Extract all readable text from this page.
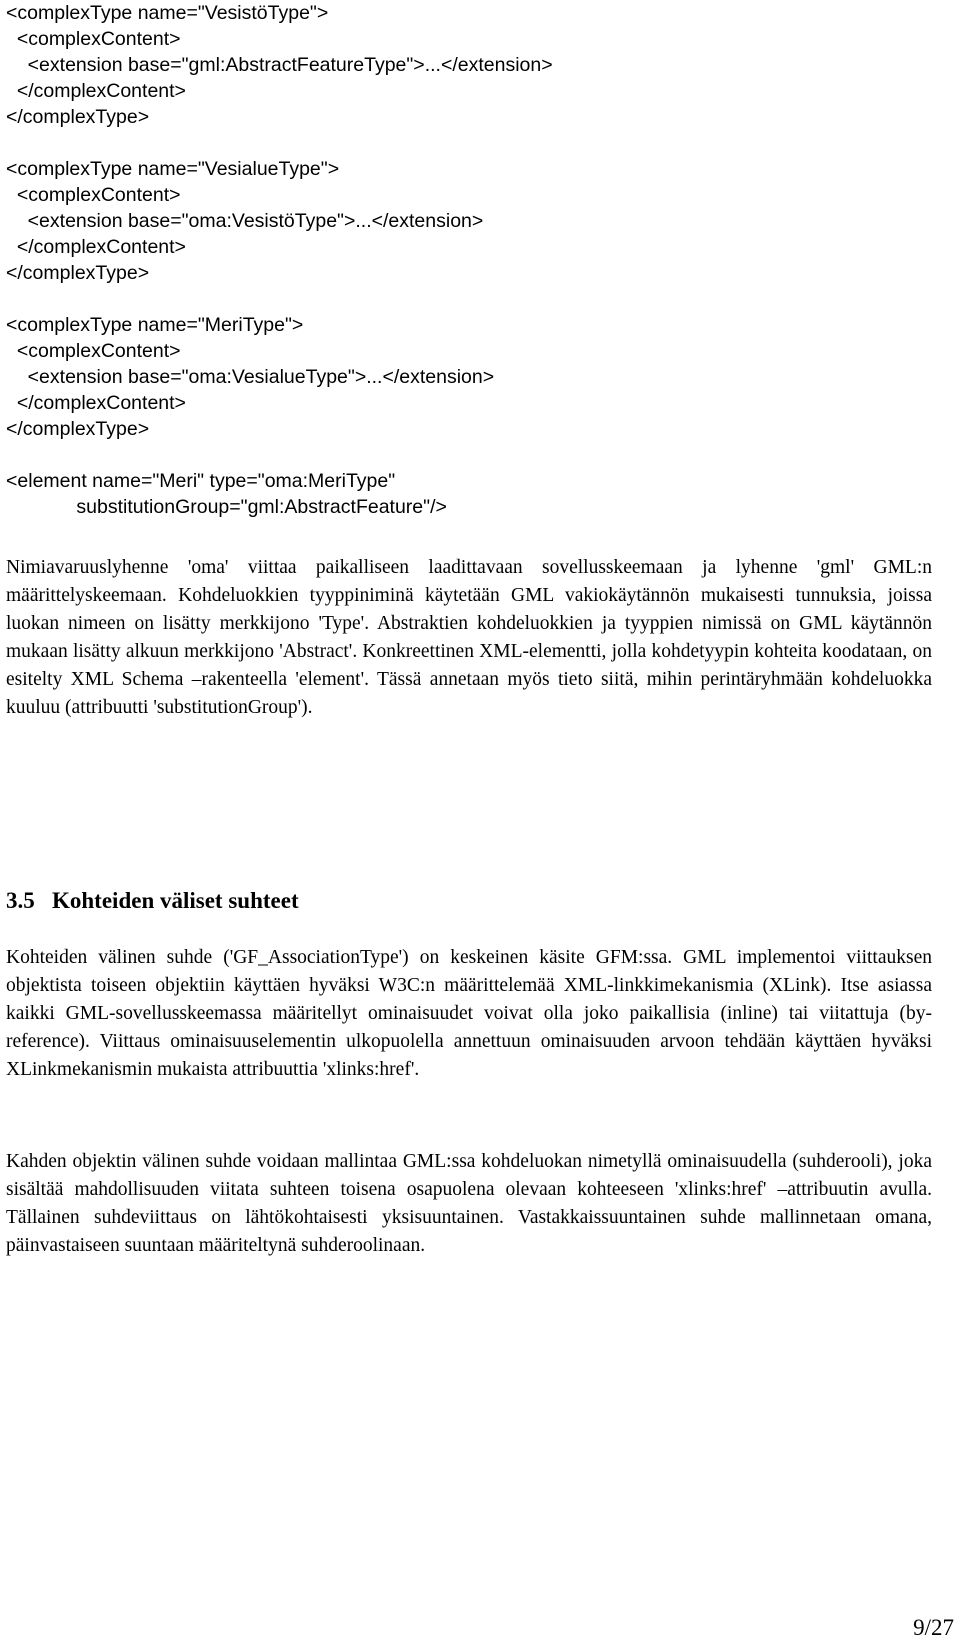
<complexType name="VesistöType">
<complexContent>
<extension base="gml:AbstractFeatureType">...</extension>
</complexContent>
</complexType>
<complexType name="VesialueType">
<complexContent>
<extension base="oma:VesistöType">...</extension>
</complexContent>
</complexType>
<complexType name="MeriType">
<complexContent>
<extension base="oma:VesialueType">...</extension>
</complexContent>
</complexType>
<element name="Meri" type="oma:MeriType"
substitutionGroup="gml:AbstractFeature"/>

Nimiavaruuslyhenne 'oma' viittaa paikalliseen laadittavaan sovellusskeemaan ja lyhenne 'gml' GML:n määrittelyskeemaan. Kohdeluokkien tyyppiniminä käytetään GML vakiokäytännön mukaisesti tunnuksia, joissa luokan nimeen on lisätty merkkijono 'Type'. Abstraktien kohdeluokkien ja tyyppien nimissä on GML käytännön mukaan lisätty alkuun merkkijono 'Abstract'. Konkreettinen XML-elementti, jolla kohdetyypin kohteita koodataan, on esitelty XML Schema –rakenteella 'element'. Tässä annetaan myös tieto siitä, mihin perintäryhmään kohdeluokka kuuluu (attribuutti 'substitutionGroup').

3.5 Kohteiden väliset suhteet

Kohteiden välinen suhde ('GF_AssociationType') on keskeinen käsite GFM:ssa. GML implementoi viittauksen objektista toiseen objektiin käyttäen hyväksi W3C:n määrittelemää XML-linkkimekanismia (XLink). Itse asiassa kaikki GML-sovellusskeemassa määritellyt ominaisuudet voivat olla joko paikallisia (inline) tai viitattuja (by-reference). Viittaus ominaisuuselementin ulkopuolella annettuun ominaisuuden arvoon tehdään käyttäen hyväksi XLinkmekanismin mukaista attribuuttia 'xlinks:href'.

Kahden objektin välinen suhde voidaan mallintaa GML:ssa kohdeluokan nimetyllä ominaisuudella (suhderooli), joka sisältää mahdollisuuden viitata suhteen toisena osapuolena olevaan kohteeseen 'xlinks:href' –attribuutin avulla. Tällainen suhdeviittaus on lähtökohtaisesti yksisuuntainen. Vastakkaissuuntainen suhde mallinnetaan omana, päinvastaiseen suuntaan määriteltynä suhderoolinaan.

9/27
